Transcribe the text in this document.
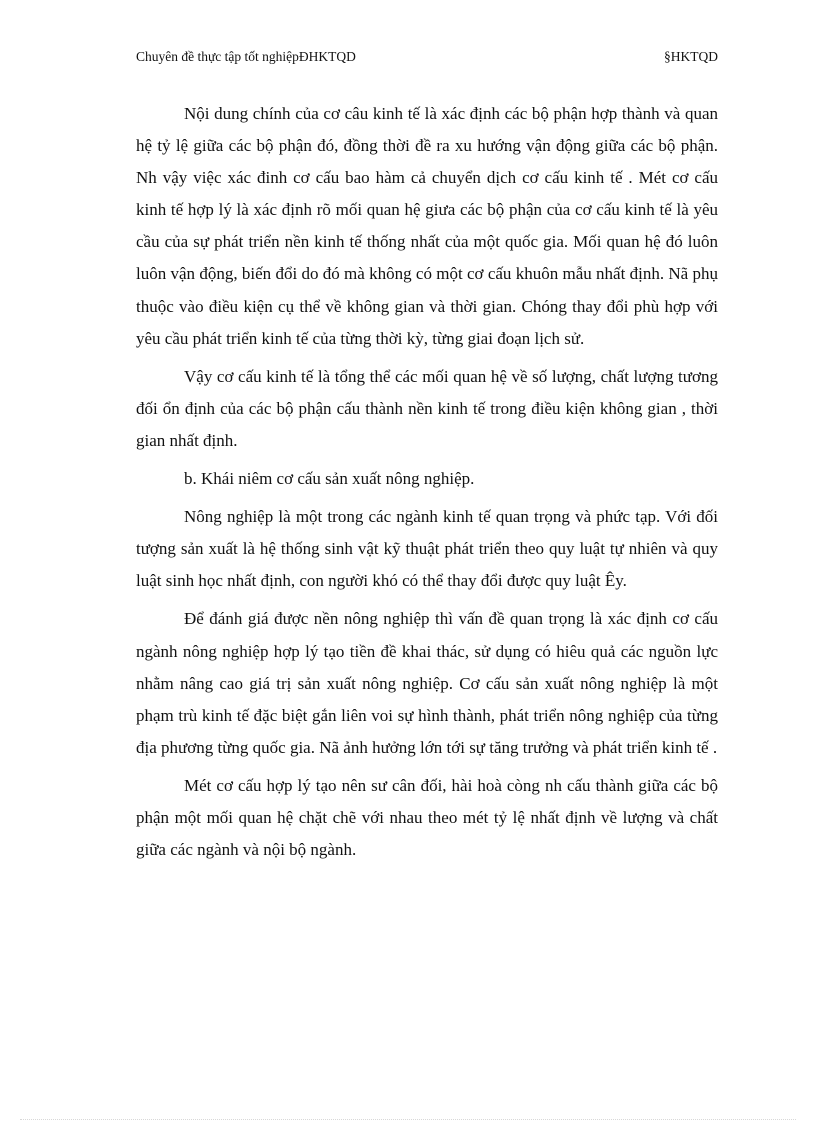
Chuyên đề thực tập tốt nghiệpĐHKTQD	§HKTQD

Nội dung chính của cơ câu kinh tế là xác định các bộ phận hợp thành và quan hệ tỷ lệ giữa các bộ phận đó, đồng thời đề ra xu hướng vận động giữa các bộ phận. Nh vậy việc xác đinh cơ cấu bao hàm cả chuyển dịch cơ cấu kinh tế . Mét cơ cấu kinh tế hợp lý là xác định rõ mối quan hệ giưa các bộ phận của cơ cấu kinh tế là yêu cầu của sự phát triển nền kinh tế thống nhất của một quốc gia. Mối quan hệ đó luôn luôn vận động, biến đổi do đó mà không có một cơ cấu khuôn mẫu nhất định. Nã phụ thuộc vào điều kiện cụ thể về không gian và thời gian. Chóng thay đổi phù hợp với yêu cầu phát triển kinh tế của từng thời kỳ, từng giai đoạn lịch sử.

Vậy cơ cấu kinh tế là tổng thể các mối quan hệ về số lượng, chất lượng tương đối ổn định của các bộ phận cấu thành nền kinh tế trong điều kiện không gian , thời gian nhất định.

b. Khái niêm cơ cấu sản xuất nông nghiệp.

Nông nghiệp là một trong các ngành kinh tế quan trọng và phức tạp. Với đối tượng sản xuất là hệ thống sinh vật kỹ thuật phát triển theo quy luật tự nhiên và quy luật sinh học nhất định, con người khó có thể thay đổi được quy luật Êy.

Để đánh giá được nền nông nghiệp thì vấn đề quan trọng là xác định cơ cấu ngành nông nghiệp hợp lý tạo tiền đề khai thác, sử dụng có hiêu quả các nguồn lực nhằm nâng cao giá trị sản xuất nông nghiệp. Cơ cấu sản xuất nông nghiệp là một phạm trù kinh tế đặc biệt gắn liên voi sự hình thành, phát triển nông nghiệp của từng địa phương từng quốc gia. Nã ảnh hưởng lớn tới sự tăng trưởng và phát triển kinh tế .

Mét cơ cấu hợp lý tạo nên sư cân đối, hài hoà còng nh cấu thành giữa các bộ phận một mối quan hệ chặt chẽ với nhau theo mét tỷ lệ nhất định về lượng và chất giữa các ngành và nội bộ ngành.
